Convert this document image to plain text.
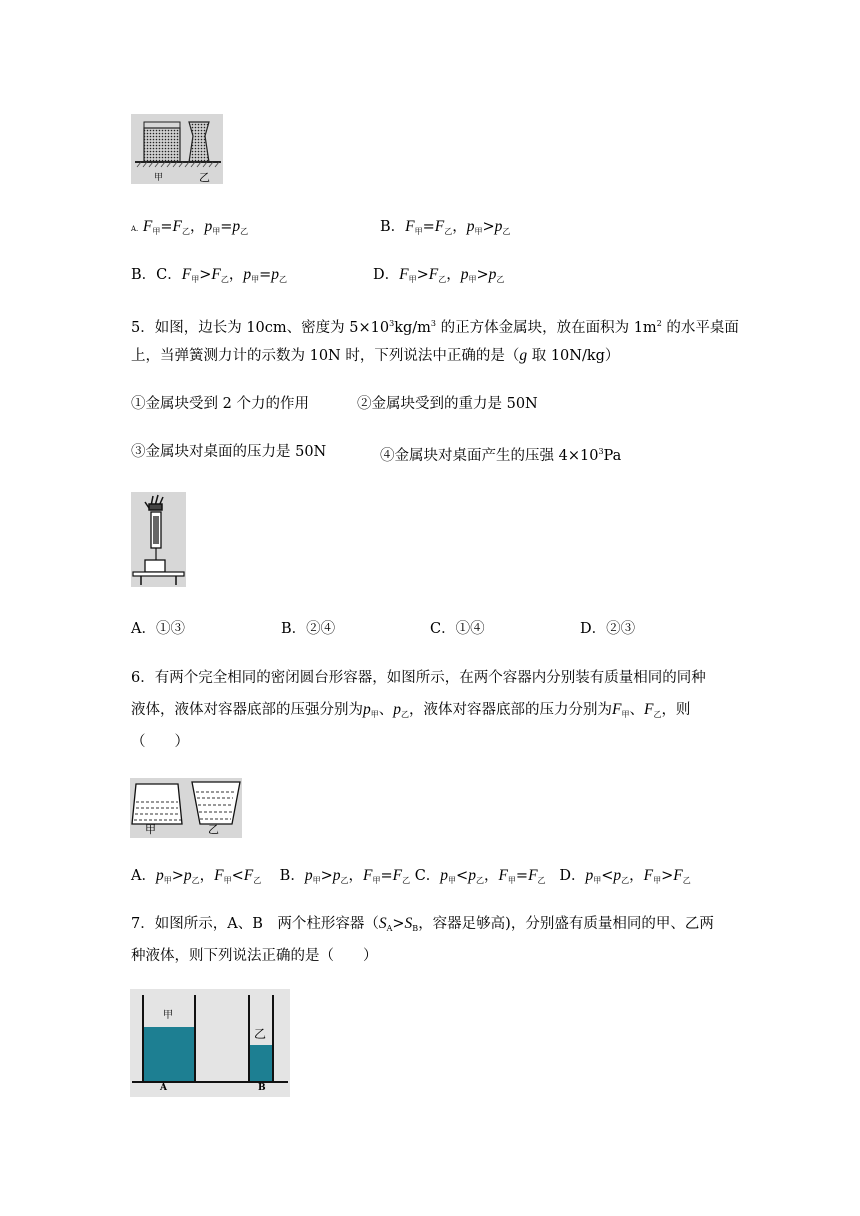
甲	乙
A. $F_甲=F_乙$，$p_甲=p_乙$	B．$F_甲=F_乙$，$p_甲>p_乙$
B．C．$F_甲>F_乙$，$p_甲=p_乙$	D．$F_甲>F_乙$，$p_甲>p_乙$
5．如图，边长为 10cm、密度为 $5\times 10^3kg/m^3$ 的正方体金属块，放在面积为 $1m^2$ 的水平桌面
上，当弹簧测力计的示数为 10N 时，下列说法中正确的是（g 取 10N/kg）
①金属块受到 2 个力的作用	②金属块受到的重力是 50N
③金属块对桌面的压力是 50N	④金属块对桌面产生的压强 $4\times 10^3Pa$
A．①③	B．②④	C．①④	D．②③
6．有两个完全相同的密闭圆台形容器，如图所示，在两个容器内分别装有质量相同的同种
液体，液体对容器底部的压强分别为$p_甲$、$p_乙$，液体对容器底部的压力分别为$F_甲$、$F_乙$，则
（　　）
甲	乙
A．$p_甲>p_乙$，$F_甲<F_乙$ B．$p_甲>p_乙$，$F_甲=F_乙$ C．$p_甲<p_乙$，$F_甲=F_乙$ D．$p_甲<p_乙$，$F_甲>F_乙$
7．如图所示，A、B　两个柱形容器（$S_A>S_B$，容器足够高)，分别盛有质量相同的甲、乙两
种液体，则下列说法正确的是（　　）
甲
乙
A	B
